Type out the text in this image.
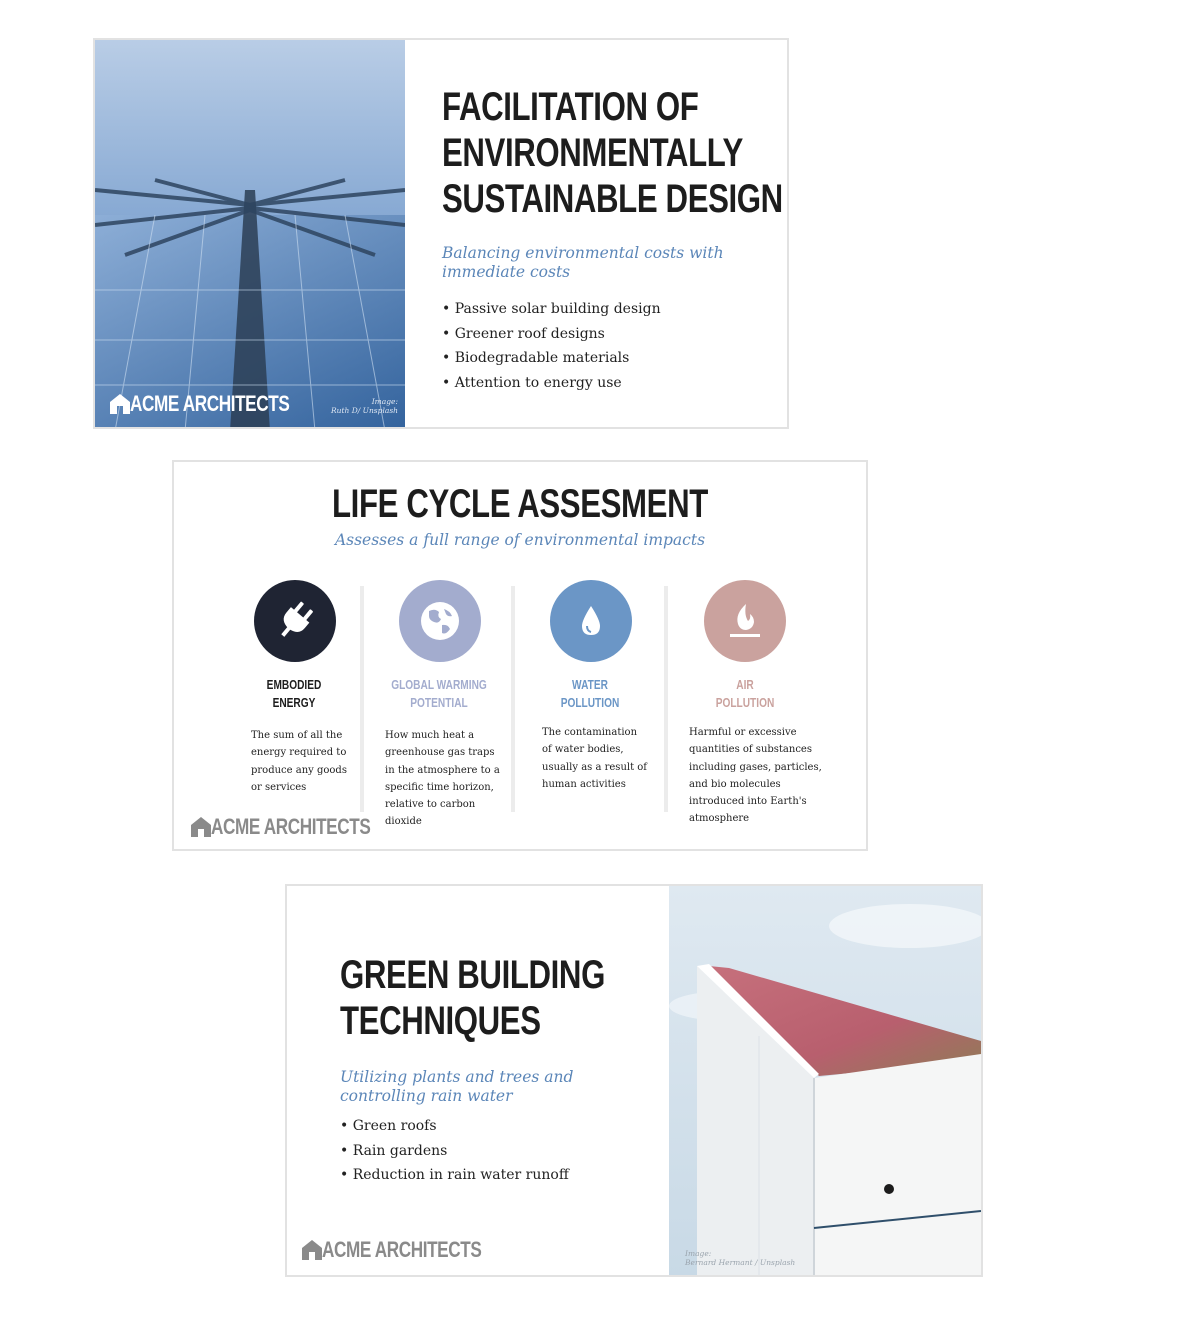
ACME ARCHITECTS	Image:
Ruth D/ Unsplash
FACILITATION OF
ENVIRONMENTALLY
SUSTAINABLE DESIGN
Balancing environmental costs with immediate costs
• Passive solar building design
• Greener roof designs
• Biodegradable materials
• Attention to energy use
LIFE CYCLE ASSESMENT
Assesses a full range of environmental impacts
EMBODIED
ENERGY
The sum of all the
energy required to
produce any goods
or services
GLOBAL WARMING
POTENTIAL
How much heat a
greenhouse gas traps
in the atmosphere to a
specific time horizon,
relative to carbon
dioxide
WATER
POLLUTION
The contamination
of water bodies,
usually as a result of
human activities
AIR
POLLUTION
Harmful or excessive
quantities of substances
including gases, particles,
and bio molecules
introduced into Earth's
atmosphere
ACME ARCHITECTS
GREEN BUILDING
TECHNIQUES
Utilizing plants and trees and controlling rain water
• Green roofs
• Rain gardens
• Reduction in rain water runoff
ACME ARCHITECTS	Image:
Bernard Hermant / Unsplash
